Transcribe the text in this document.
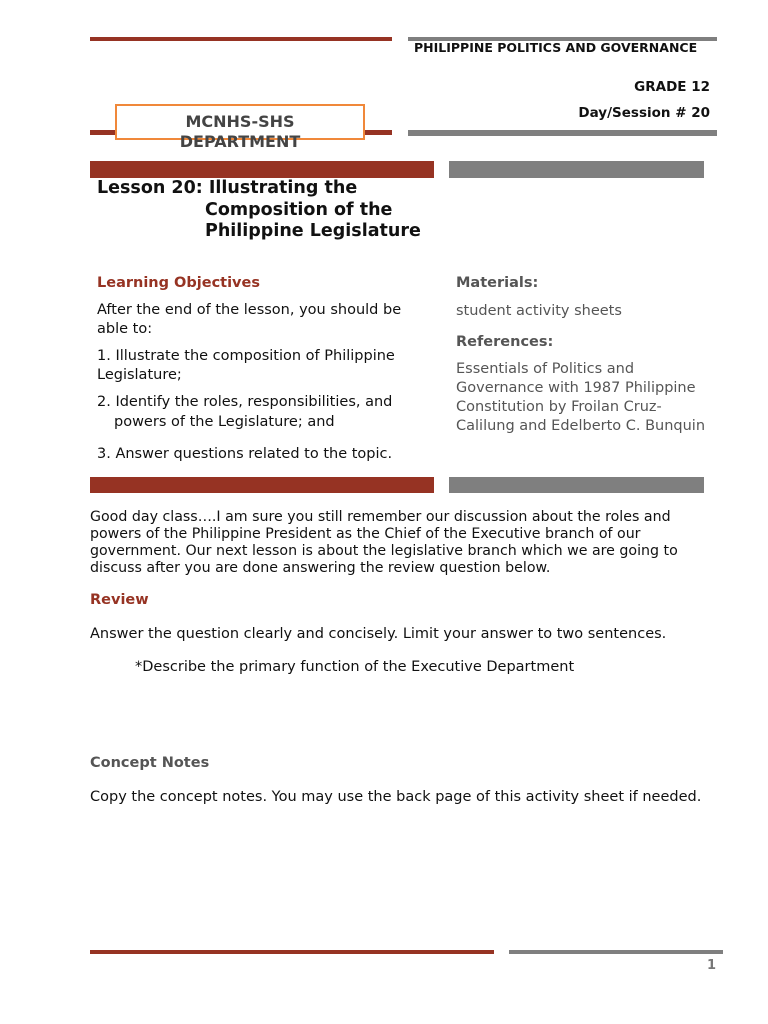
PHILIPPINE POLITICS AND GOVERNANCE
GRADE 12
Day/Session # 20
MCNHS-SHS
DEPARTMENT
Lesson 20: Illustrating the
Composition of the
Philippine Legislature
Learning Objectives
After the end of the lesson, you should be able to:
1. Illustrate the composition of Philippine Legislature;
2. Identify the roles, responsibilities, and
powers of the Legislature; and
3. Answer questions related to the topic.
Materials:
student activity sheets
References:
Essentials of Politics and
Governance with 1987 Philippine
Constitution by Froilan Cruz-
Calilung and Edelberto C. Bunquin
Good day class….I am sure you still remember our discussion about the roles and powers of the Philippine President as the Chief of the Executive branch of our government. Our next lesson is about the legislative branch which we are going to discuss after you are done answering the review question below.
Review
Answer the question clearly and concisely. Limit your answer to two sentences.
*Describe the primary function of the Executive Department
Concept Notes
Copy the concept notes. You may use the back page of this activity sheet if needed.
1
